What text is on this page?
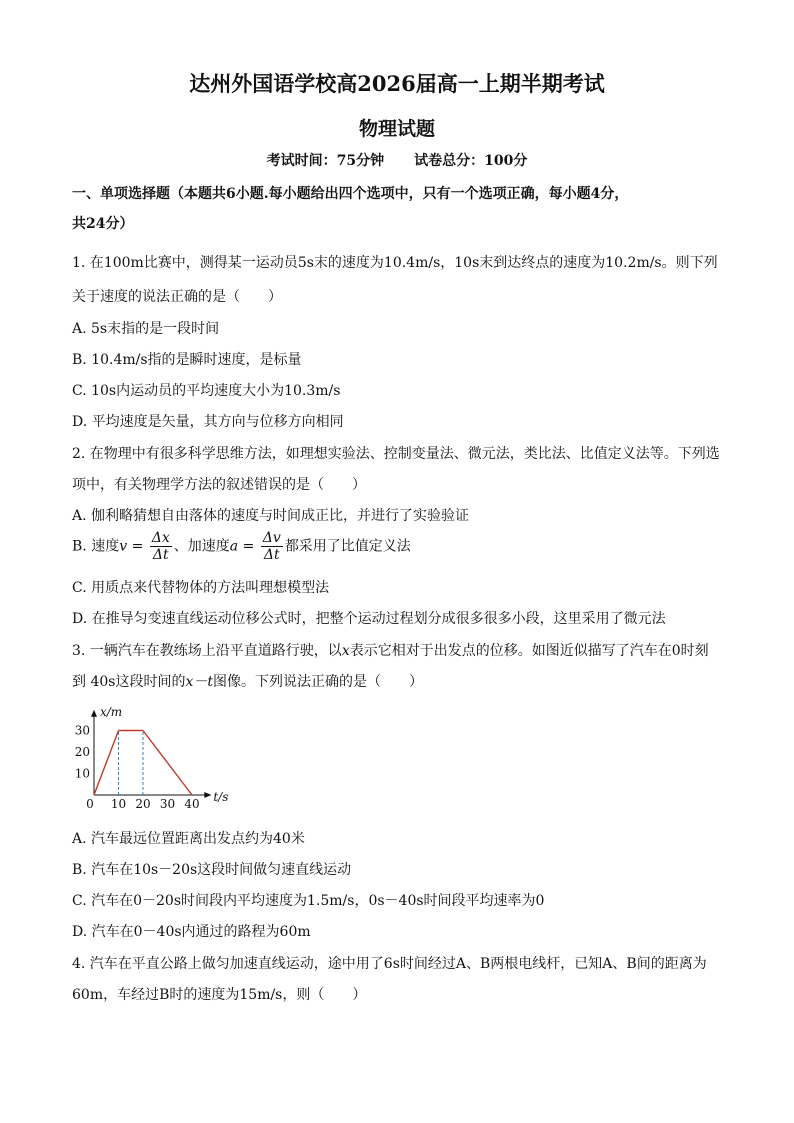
达州外国语学校高2026届高一上期半期考试
物理试题
考试时间：75分钟 试卷总分：100分
一、单项选择题（本题共6小题.每小题给出四个选项中，只有一个选项正确，每小题4分，
共24分）
1. 在100m比赛中，测得某一运动员5s末的速度为10.4m/s，10s末到达终点的速度为10.2m/s。则下列
关于速度的说法正确的是（　　）
A. 5s末指的是一段时间
B. 10.4m/s指的是瞬时速度，是标量
C. 10s内运动员的平均速度大小为10.3m/s
D. 平均速度是矢量，其方向与位移方向相同
2. 在物理中有很多科学思维方法，如理想实验法、控制变量法、微元法，类比法、比值定义法等。下列选
项中，有关物理学方法的叙述错误的是（　　）
A. 伽利略猜想自由落体的速度与时间成正比，并进行了实验验证
B. 速度$v = \frac{\Delta x}{\Delta t}$ 、加速度$a = \frac{\Delta v}{\Delta t}$ 都采用了比值定义法
C. 用质点来代替物体的方法叫理想模型法
D. 在推导匀变速直线运动位移公式时，把整个运动过程划分成很多很多小段，这里采用了微元法
3. 一辆汽车在教练场上沿平直道路行驶，以x表示它相对于出发点的位移。如图近似描写了汽车在0时刻
到 40s这段时间的x－t图像。下列说法正确的是（　　）
0 10 20 30 40
10
20
30
t/s
x/m
A. 汽车最远位置距离出发点约为40米
B. 汽车在10s－20s这段时间做匀速直线运动
C. 汽车在0－20s时间段内平均速度为1.5m/s，0s－40s时间段平均速率为0
D. 汽车在0－40s内通过的路程为60m
4. 汽车在平直公路上做匀加速直线运动，途中用了6s时间经过A、B两根电线杆，已知A、B间的距离为
60m，车经过B时的速度为15m/s，则（　　）
